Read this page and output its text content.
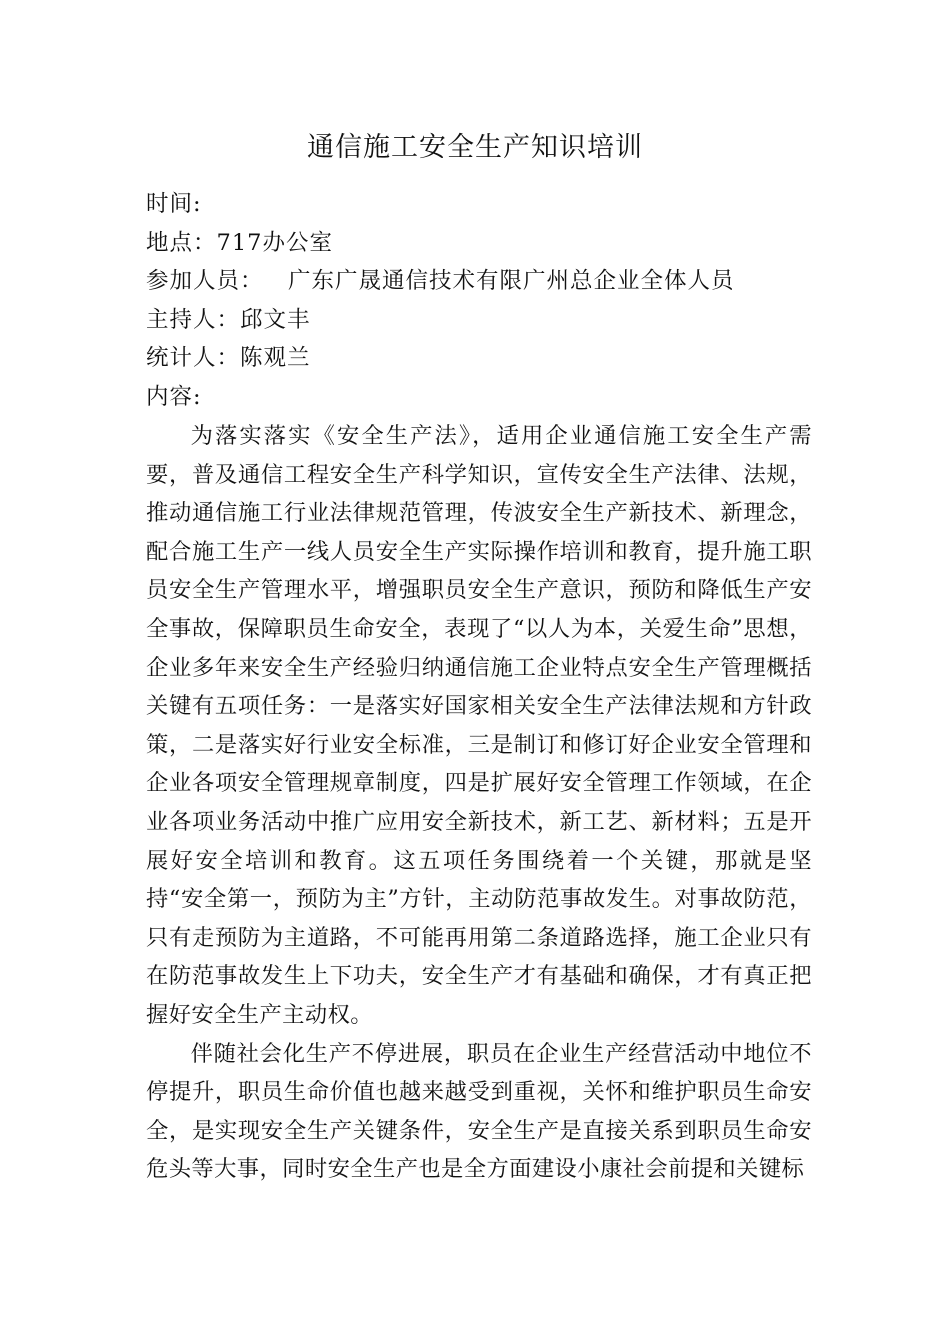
通信施工安全生产知识培训
时间:
地点：717办公室
参加人员：   广东广晟通信技术有限广州总企业全体人员
主持人：邱文丰
统计人：陈观兰
内容:

为落实落实《安全生产法》，适用企业通信施工安全生产需要，普及通信工程安全生产科学知识，宣传安全生产法律、法规，推动通信施工行业法律规范管理，传波安全生产新技术、新理念，配合施工生产一线人员安全生产实际操作培训和教育，提升施工职员安全生产管理水平，增强职员安全生产意识，预防和降低生产安全事故，保障职员生命安全，表现了“以人为本，关爱生命”思想，企业多年来安全生产经验归纳通信施工企业特点安全生产管理概括关键有五项任务：一是落实好国家相关安全生产法律法规和方针政策，二是落实好行业安全标准，三是制订和修订好企业安全管理和企业各项安全管理规章制度，四是扩展好安全管理工作领域，在企业各项业务活动中推广应用安全新技术，新工艺、新材料；五是开展好安全培训和教育。这五项任务围绕着一个关键，那就是坚持“安全第一，预防为主”方针，主动防范事故发生。对事故防范，只有走预防为主道路，不可能再用第二条道路选择，施工企业只有在防范事故发生上下功夫，安全生产才有基础和确保，才有真正把握好安全生产主动权。

伴随社会化生产不停进展，职员在企业生产经营活动中地位不停提升，职员生命价值也越来越受到重视，关怀和维护职员生命安全，是实现安全生产关键条件，安全生产是直接关系到职员生命安危头等大事，同时安全生产也是全方面建设小康社会前提和关键标
